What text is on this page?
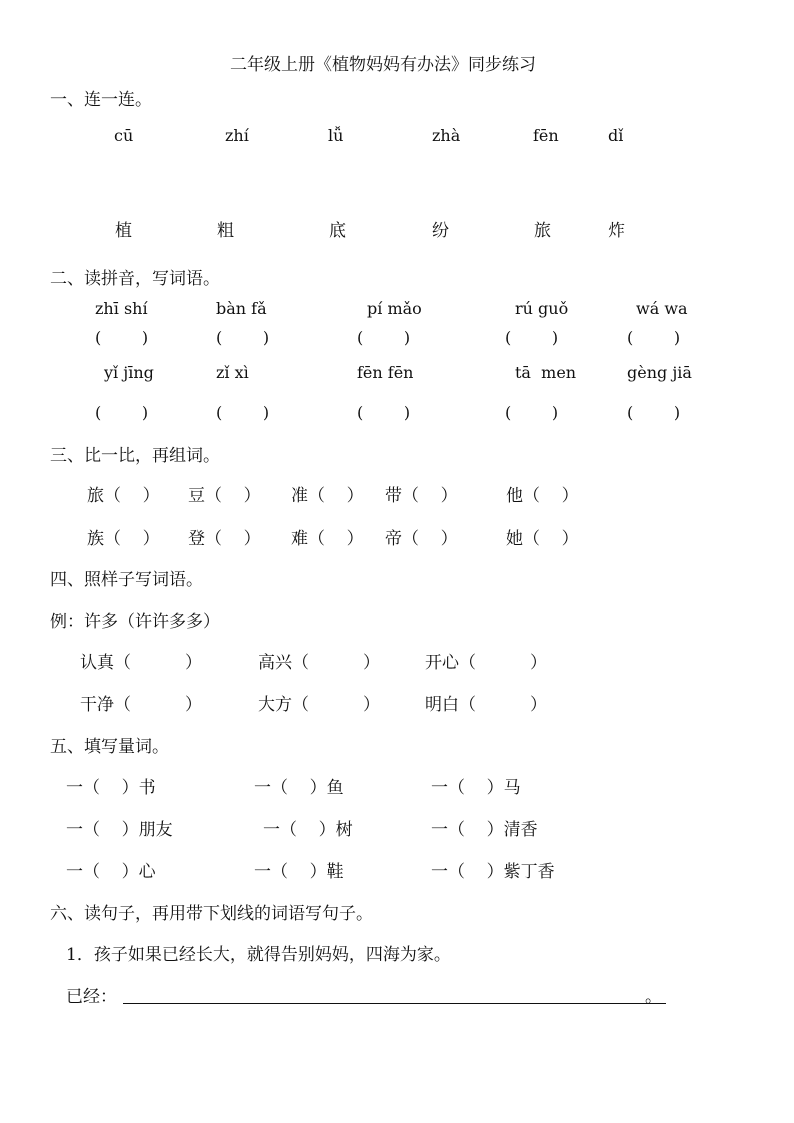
二年级上册《植物妈妈有办法》同步练习
一、连一连。
cū	zhí	lǚ	zhà	fēn	dǐ
植	粗	底	纷	旅	炸
二、读拼音，写词语。
zhī shí	bàn fǎ	pí mǎo	rú guǒ	wá wa
(        )	(        )	(        )	(        )	(        )
yǐ jīng	zǐ xì	fēn fēn	tā  men	gèng jiā
(        )	(        )	(        )	(        )	(        )
三、比一比，再组词。
旅（    ） 豆（    ） 准（    ） 带（    ）	他（    ）
族（    ） 登（    ） 难（    ） 帝（    ）	她（    ）
四、照样子写词语。
例：许多（许许多多）
认真（          ）	高兴（          ）	开心（          ）
干净（          ）	大方（          ）	明白（          ）
五、填写量词。
一（    ）书	一（    ）鱼	一（    ）马
一（    ）朋友	一（    ）树	一（    ）清香
一（    ）心	一（    ）鞋	一（    ）紫丁香
六、读句子，再用带下划线的词语写句子。
1．孩子如果已经长大，就得告别妈妈，四海为家。
已经：	。
